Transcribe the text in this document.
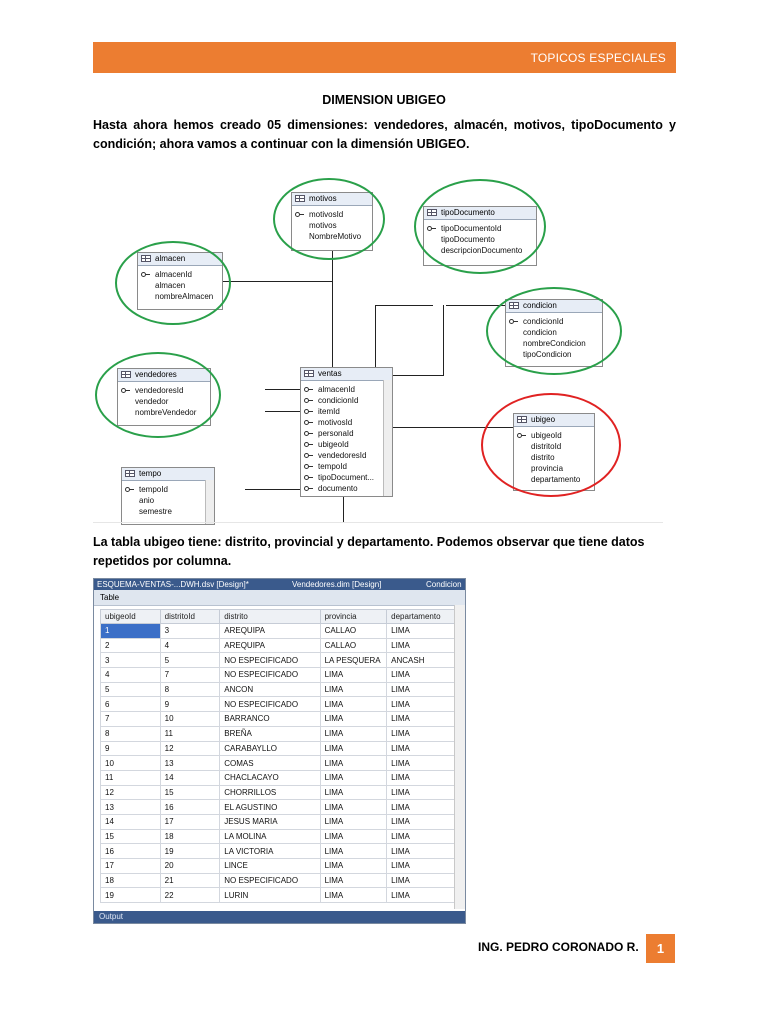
TOPICOS ESPECIALES
DIMENSION UBIGEO
Hasta ahora hemos creado 05 dimensiones: vendedores, almacén, motivos, tipoDocumento y condición; ahora vamos a continuar con la dimensión UBIGEO.
motivos
motivosId
motivos
NombreMotivo
tipoDocumento
tipoDocumentoId
tipoDocumento
descripcionDocumento
almacen
almacenId
almacen
nombreAlmacen
condicion
condicionId
condicion
nombreCondicion
tipoCondicion
vendedores
vendedoresId
vendedor
nombreVendedor
ventas
almacenId
condicionId
itemId
motivosId
personaId
ubigeoId
vendedoresId
tempoId
tipoDocument...
documento
ubigeo
ubigeoId
distritoId
distrito
provincia
departamento
tempo
tempoId
anio
semestre
La tabla ubigeo tiene: distrito, provincial y departamento. Podemos observar que tiene datos repetidos por columna.
ESQUEMA-VENTAS-...DWH.dsv [Design]*	Vendedores.dim [Design]	Condicion
Table
ubigeoId	distritoId	distrito	provincia	departamento
1	3	AREQUIPA	CALLAO	LIMA
2	4	AREQUIPA	CALLAO	LIMA
3	5	NO ESPECIFICADO	LA PESQUERA	ANCASH
4	7	NO ESPECIFICADO	LIMA	LIMA
5	8	ANCON	LIMA	LIMA
6	9	NO ESPECIFICADO	LIMA	LIMA
7	10	BARRANCO	LIMA	LIMA
8	11	BREÑA	LIMA	LIMA
9	12	CARABAYLLO	LIMA	LIMA
10	13	COMAS	LIMA	LIMA
11	14	CHACLACAYO	LIMA	LIMA
12	15	CHORRILLOS	LIMA	LIMA
13	16	EL AGUSTINO	LIMA	LIMA
14	17	JESUS MARIA	LIMA	LIMA
15	18	LA MOLINA	LIMA	LIMA
16	19	LA VICTORIA	LIMA	LIMA
17	20	LINCE	LIMA	LIMA
18	21	NO ESPECIFICADO	LIMA	LIMA
19	22	LURIN	LIMA	LIMA
Output
ING. PEDRO CORONADO R.	1
